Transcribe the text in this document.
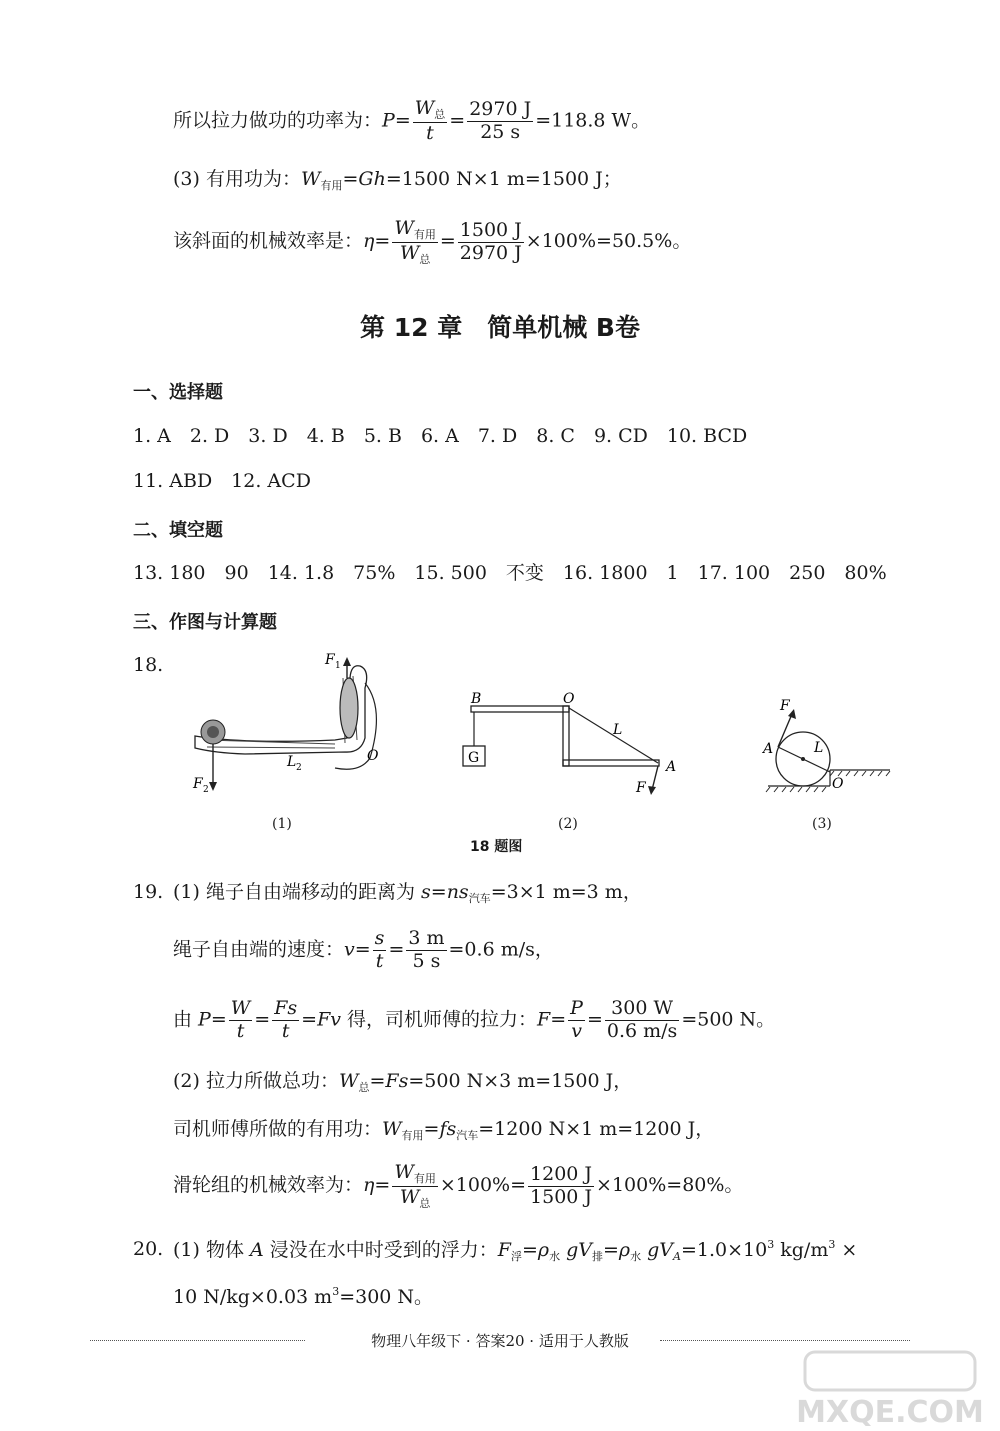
所以拉力做功的功率为：$P= \frac{W_总}{t} = \frac{2970 J}{25 s} =118.8$ W。
(3) 有用功为：$W_{有用}=Gh=1500$ N×1 m=1500 J；
该斜面的机械效率是：$\eta= \frac{W_{有用}}{W_总} = \frac{1500 J}{2970 J} \times 100\%=50.5\%$。
第 12 章　简单机械 B卷
一、选择题
1. A　2. D　3. D　4. B　5. B　6. A　7. D　8. C　9. CD　10. BCD
11. ABD　12. ACD
二、填空题
13. 180　90　14. 1.8　75%　15. 500　不变　16. 1800　1　17. 100　250　80%
三、作图与计算题
18.	F 1
F 2
L 2
O
(1)
B	O
L
G
A
F
(2)
F
A	L
O
(3)
18 题图
19. (1) 绳子自由端移动的距离为 $s=ns_{汽车}=3\times 1$ m=3 m，
绳子自由端的速度：$v= \frac{s}{t} = \frac{3 m}{5 s} =0.6$ m/s，
由 $P= \frac{W}{t} = \frac{Fs}{t} =Fv$ 得，司机师傅的拉力：$F= \frac{P}{v} = \frac{300 W}{0.6 m/s} =500$ N。
(2) 拉力所做总功：$W_总=Fs=500$ N×3 m=1500 J，
司机师傅所做的有用功：$W_{有用}=fs_{汽车}=1200$ N×1 m=1200 J，
滑轮组的机械效率为：$\eta= \frac{W_{有用}}{W_总} \times 100\%= \frac{1200 J}{1500 J} \times 100\%=80\%$。
20. (1) 物体 A 浸没在水中时受到的浮力：$F_浮=\rho_水$ $gV_排=\rho_水$ $gV_A=1.0\times 10^3$ $kg/m^3$ ×
10 N/kg×0.03 $m^3=300$ N。
物理八年级下 · 答案20 · 适用于人教版
MXQE.COM
